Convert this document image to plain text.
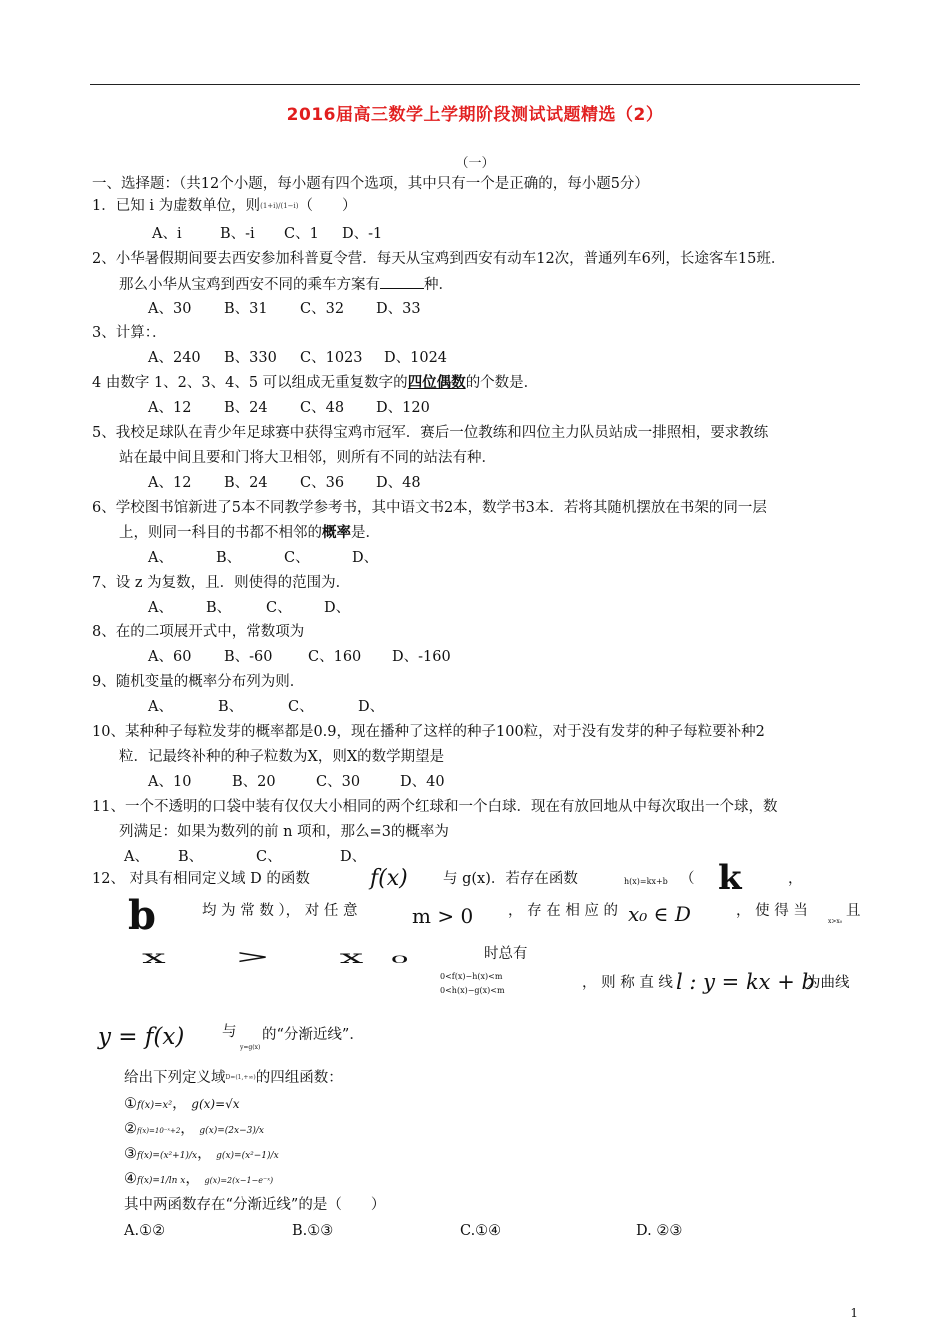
2016届高三数学上学期阶段测试试题精选（2）
（一）
一、选择题：（共12个小题，每小题有四个选项，其中只有一个是正确的，每小题5分）
1．已知 i 为虚数单位，则(1+i)/(1−i)（　　）
A、i	B、-i C、1 D、-1
2、小华暑假期间要去西安参加科普夏令营．每天从宝鸡到西安有动车12次，普通列车6列，长途客车15班．
那么小华从宝鸡到西安不同的乘车方案有	种．
A、30 B、31 C、32 D、33
3、计算：．
A、240 B、330 C、1023 D、1024
4 由数字 1、2、3、4、5 可以组成无重复数字的四位偶数的个数是．
A、12 B、24 C、48 D、120
5、我校足球队在青少年足球赛中获得宝鸡市冠军．赛后一位教练和四位主力队员站成一排照相，要求教练
站在最中间且要和门将大卫相邻，则所有不同的站法有种．
A、12 B、24 C、36 D、48
6、学校图书馆新进了5本不同教学参考书，其中语文书2本，数学书3本．若将其随机摆放在书架的同一层
上，则同一科目的书都不相邻的概率是．
A、	B、	C、	D、
7、设 z 为复数，且．则使得的范围为．
A、 B、 C、 D、
8、在的二项展开式中，常数项为
A、60 B、-60 C、160 D、-160
9、随机变量的概率分布列为则．
A、	B、	C、	D、
10、某种种子每粒发芽的概率都是0.9，现在播种了这样的种子100粒，对于没有发芽的种子每粒要补种2
粒．记最终补种的种子粒数为X，则X的数学期望是
A、10	B、20	C、30	D、40
11、一个不透明的口袋中装有仅仅大小相同的两个红球和一个白球．现在有放回地从中每次取出一个球，数
列满足：如果为数列的前 n 项和，那么=3的概率为
A、 B、	C、	D、
12、 对具有相同定义域 D 的函数	f(x) 与 g(x)．若存在函数	h(x)=kx+b （ k	，
b	均 为 常 数 ）， 对 任 意	m > 0 ， 存 在 相 应 的 x₀ ∈ D	， 使 得 当
x>x₀
且
x > x₀	时总有
0<f(x)−h(x)<m
0<h(x)−g(x)<m	， 则 称 直 线 l : y = kx + b
为曲线
y = f(x)	与
y=g(x)
的“分渐近线”．
给出下列定义域D=(1,+∞)的四组函数：
①f(x)=x²， g(x)=√x
②f(x)=10⁻ˣ+2， g(x)=(2x−3)/x
③f(x)=(x²+1)/x， g(x)=(x²−1)/x
④f(x)=1/ln x， g(x)=2(x−1−e⁻ˣ)
其中两函数存在“分渐近线”的是（　　）
A.①②	B.①③	C.①④	D. ②③
1
